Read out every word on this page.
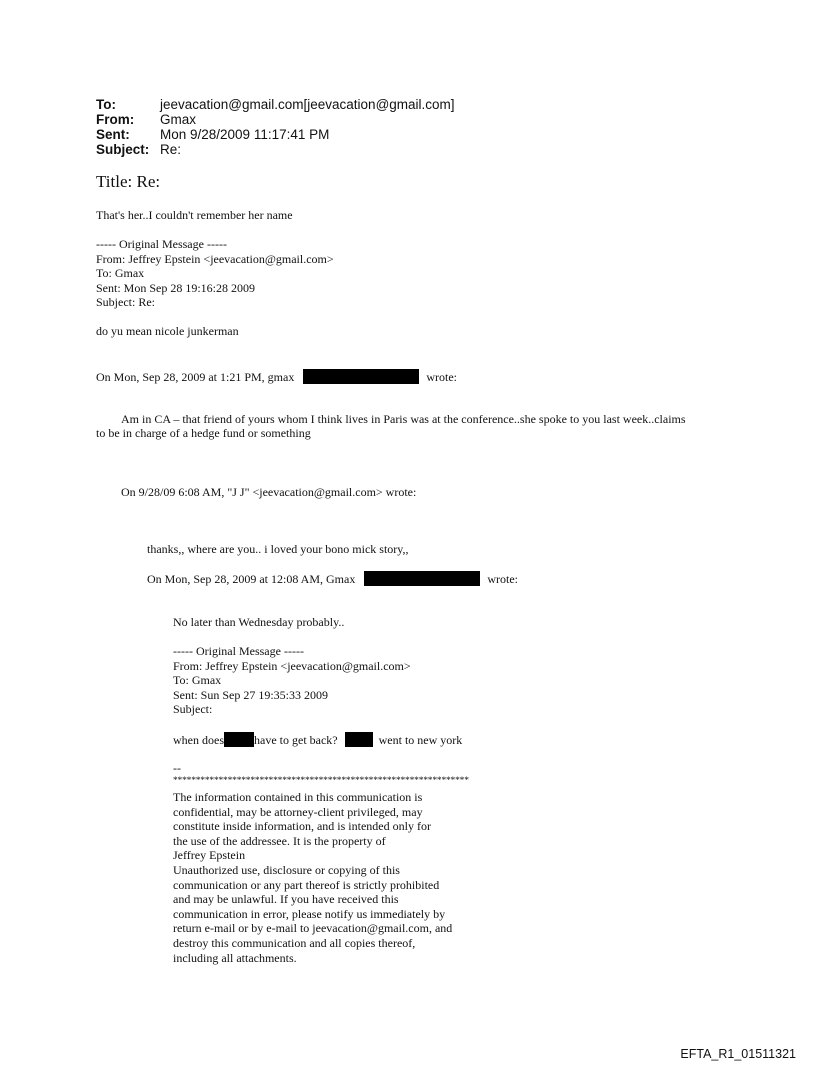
To:	jeevacation@gmail.com[jeevacation@gmail.com]
From:	Gmax
Sent:	Mon 9/28/2009 11:17:41 PM
Subject: Re:
Title: Re:
That's her..I couldn't remember her name
----- Original Message -----
From: Jeffrey Epstein <jeevacation@gmail.com>
To: Gmax
Sent: Mon Sep 28 19:16:28 2009
Subject: Re:
do yu mean nicole junkerman
On Mon, Sep 28, 2009 at 1:21 PM, gmax	wrote:
Am in CA – that friend of yours whom I think lives in Paris was at the conference..she spoke to you last week..claims
to be in charge of a hedge fund or something
On 9/28/09 6:08 AM, "J J" <jeevacation@gmail.com> wrote:
thanks,, where are you.. i loved your bono mick story,,
On Mon, Sep 28, 2009 at 12:08 AM, Gmax	wrote:
No later than Wednesday probably..
----- Original Message -----
From: Jeffrey Epstein <jeevacation@gmail.com>
To: Gmax
Sent: Sun Sep 27 19:35:33 2009
Subject:
when does	have to get back?	went to new york
--
*****************************************************************
The information contained in this communication is
confidential, may be attorney-client privileged, may
constitute inside information, and is intended only for
the use of the addressee. It is the property of
Jeffrey Epstein
Unauthorized use, disclosure or copying of this
communication or any part thereof is strictly prohibited
and may be unlawful. If you have received this
communication in error, please notify us immediately by
return e-mail or by e-mail to jeevacation@gmail.com, and
destroy this communication and all copies thereof,
including all attachments.
EFTA_R1_01511321
